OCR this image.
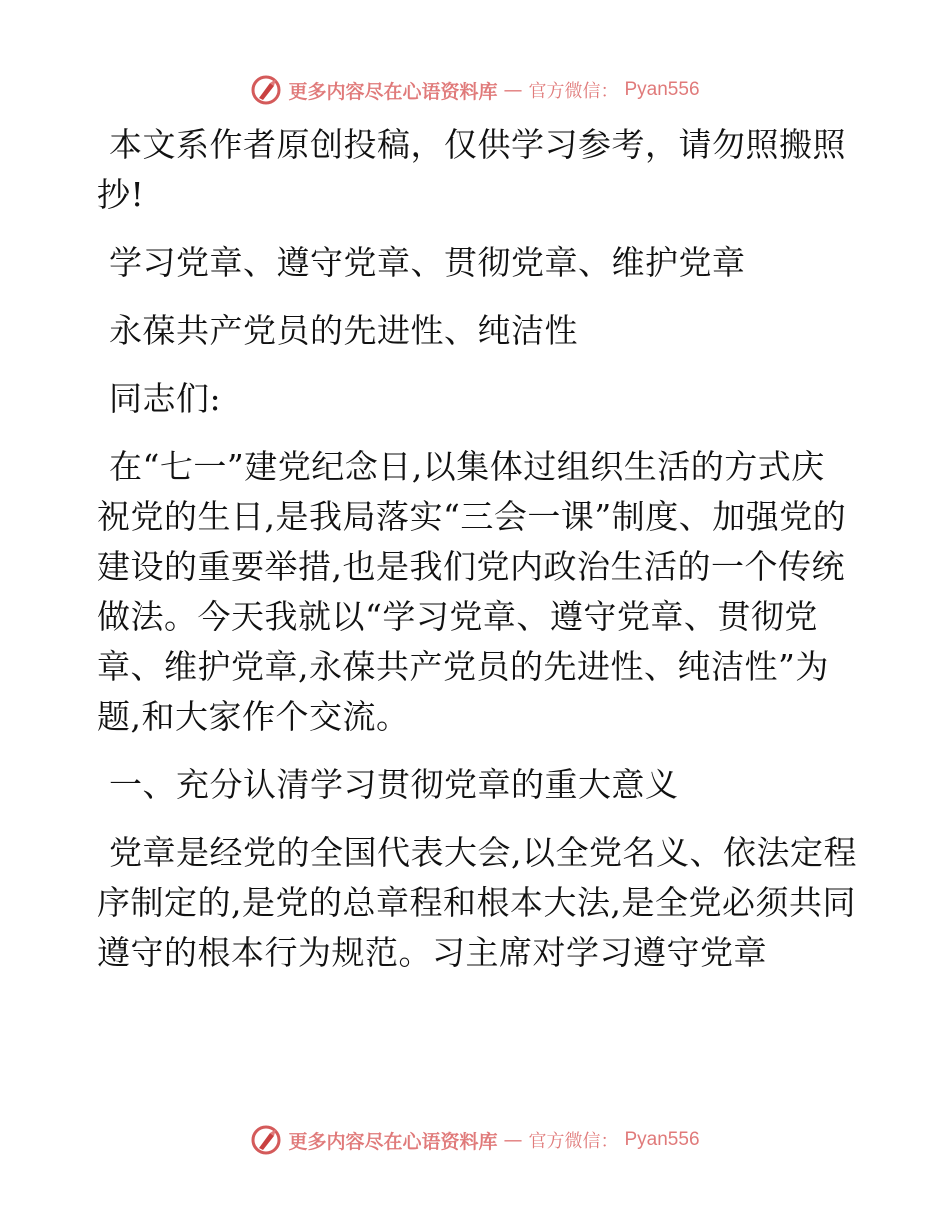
更多内容尽在心语资料库 — 官方微信： Pyan556

本文系作者原创投稿，仅供学习参考，请勿照搬照抄!

学习党章、遵守党章、贯彻党章、维护党章

永葆共产党员的先进性、纯洁性

同志们:

在“七一”建党纪念日,以集体过组织生活的方式庆祝党的生日,是我局落实“三会一课”制度、加强党的建设的重要举措,也是我们党内政治生活的一个传统做法。今天我就以“学习党章、遵守党章、贯彻党章、维护党章,永葆共产党员的先进性、纯洁性”为题,和大家作个交流。

一、充分认清学习贯彻党章的重大意义

党章是经党的全国代表大会,以全党名义、依法定程序制定的,是党的总章程和根本大法,是全党必须共同遵守的根本行为规范。习主席对学习遵守党章

更多内容尽在心语资料库 — 官方微信： Pyan556
